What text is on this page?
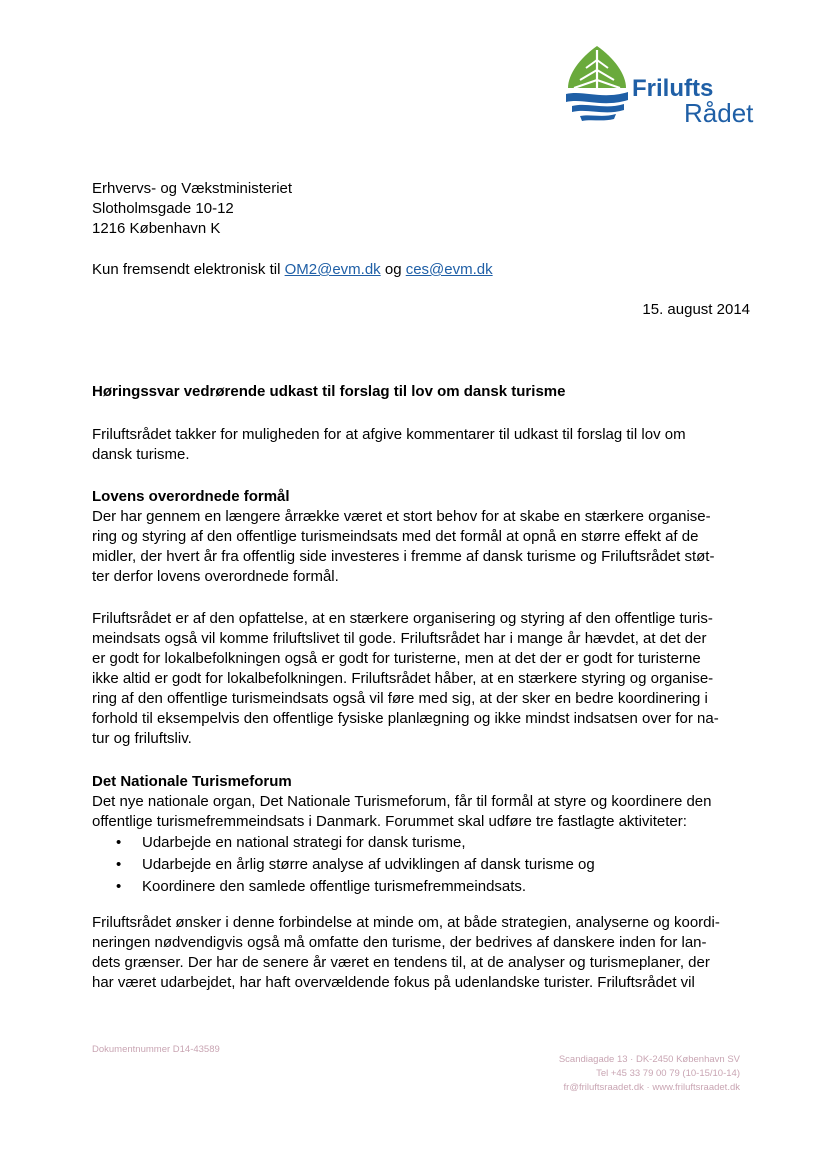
Frilufts
Rådet
Erhvervs- og Vækstministeriet
Slotholmsgade 10-12
1216 København K
Kun fremsendt elektronisk til OM2@evm.dk og ces@evm.dk
15. august 2014
Høringssvar vedrørende udkast til forslag til lov om dansk turisme
Friluftsrådet takker for muligheden for at afgive kommentarer til udkast til forslag til lov om
dansk turisme.
Lovens overordnede formål
Der har gennem en længere årrække været et stort behov for at skabe en stærkere organise-
ring og styring af den offentlige turismeindsats med det formål at opnå en større effekt af de
midler, der hvert år fra offentlig side investeres i fremme af dansk turisme og Friluftsrådet støt-
ter derfor lovens overordnede formål.
Friluftsrådet er af den opfattelse, at en stærkere organisering og styring af den offentlige turis-
meindsats også vil komme friluftslivet til gode. Friluftsrådet har i mange år hævdet, at det der
er godt for lokalbefolkningen også er godt for turisterne, men at det der er godt for turisterne
ikke altid er godt for lokalbefolkningen. Friluftsrådet håber, at en stærkere styring og organise-
ring af den offentlige turismeindsats også vil føre med sig, at der sker en bedre koordinering i
forhold til eksempelvis den offentlige fysiske planlægning og ikke mindst indsatsen over for na-
tur og friluftsliv.
Det Nationale Turismeforum
Det nye nationale organ, Det Nationale Turismeforum, får til formål at styre og koordinere den
offentlige turismefremmeindsats i Danmark. Forummet skal udføre tre fastlagte aktiviteter:
• Udarbejde en national strategi for dansk turisme,
• Udarbejde en årlig større analyse af udviklingen af dansk turisme og
• Koordinere den samlede offentlige turismefremmeindsats.
Friluftsrådet ønsker i denne forbindelse at minde om, at både strategien, analyserne og koordi-
neringen nødvendigvis også må omfatte den turisme, der bedrives af danskere inden for lan-
dets grænser. Der har de senere år været en tendens til, at de analyser og turismeplaner, der
har været udarbejdet, har haft overvældende fokus på udenlandske turister. Friluftsrådet vil
Dokumentnummer D14-43589
Scandiagade 13 · DK-2450 København SV
Tel +45 33 79 00 79 (10-15/10-14)
fr@friluftsraadet.dk · www.friluftsraadet.dk
